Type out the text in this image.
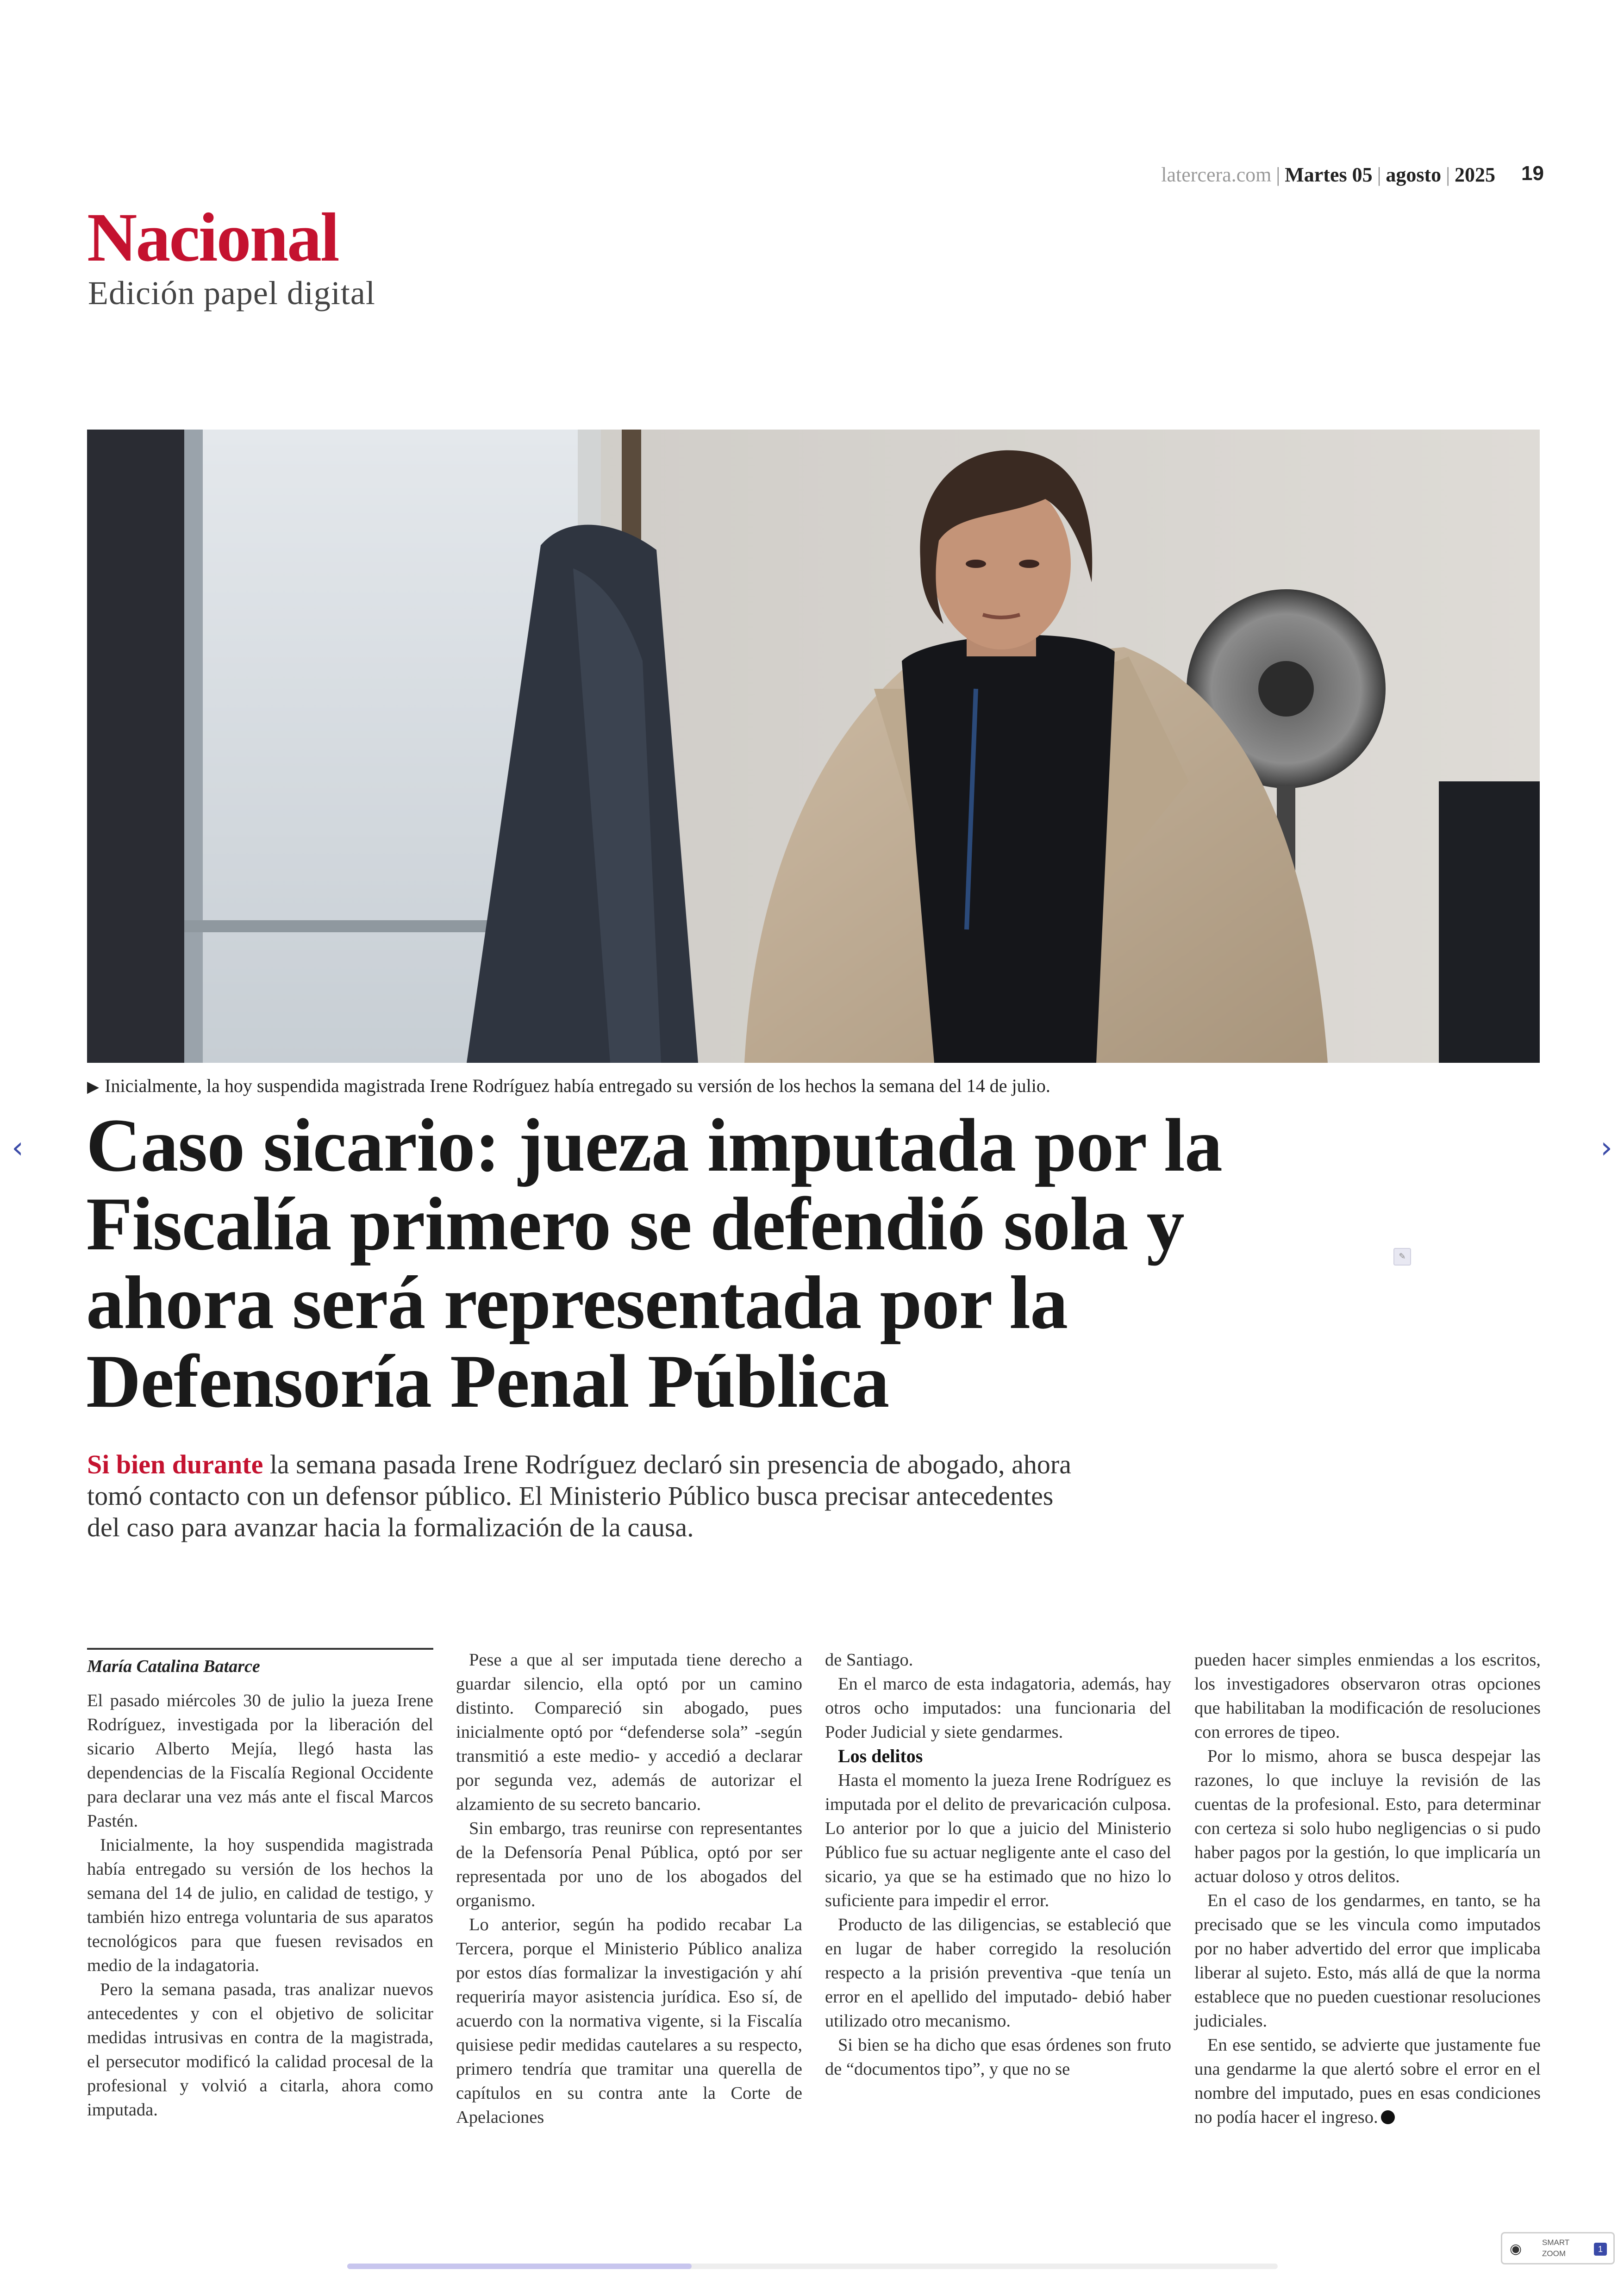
latercera.com | Martes 05 | agosto | 2025	19
Nacional
Edición papel digital
▶ Inicialmente, la hoy suspendida magistrada Irene Rodríguez había entregado su versión de los hechos la semana del 14 de julio.
Caso sicario: jueza imputada por la Fiscalía primero se defendió sola y ahora será representada por la Defensoría Penal Pública
Si bien durante la semana pasada Irene Rodríguez declaró sin presencia de abogado, ahora tomó contacto con un defensor público. El Ministerio Público busca precisar antecedentes del caso para avanzar hacia la formalización de la causa.

María Catalina Batarce

El pasado miércoles 30 de julio la jueza Irene Rodríguez, investigada por la liberación del sicario Alberto Mejía, llegó hasta las dependencias de la Fiscalía Regional Occidente para declarar una vez más ante el fiscal Marcos Pastén.

Inicialmente, la hoy suspendida magistrada había entregado su versión de los hechos la semana del 14 de julio, en calidad de testigo, y también hizo entrega voluntaria de sus aparatos tecnológicos para que fuesen revisados en medio de la indagatoria.

Pero la semana pasada, tras analizar nuevos antecedentes y con el objetivo de solicitar medidas intrusivas en contra de la magistrada, el persecutor modificó la calidad procesal de la profesional y volvió a citarla, ahora como imputada.

Pese a que al ser imputada tiene derecho a guardar silencio, ella optó por un camino distinto. Compareció sin abogado, pues inicialmente optó por “defenderse sola” -según transmitió a este medio- y accedió a declarar por segunda vez, además de autorizar el alzamiento de su secreto bancario.

Sin embargo, tras reunirse con representantes de la Defensoría Penal Pública, optó por ser representada por uno de los abogados del organismo.

Lo anterior, según ha podido recabar La Tercera, porque el Ministerio Público analiza por estos días formalizar la investigación y ahí requeriría mayor asistencia jurídica. Eso sí, de acuerdo con la normativa vigente, si la Fiscalía quisiese pedir medidas cautelares a su respecto, primero tendría que tramitar una querella de capítulos en su contra ante la Corte de Apelaciones

de Santiago.

En el marco de esta indagatoria, además, hay otros ocho imputados: una funcionaria del Poder Judicial y siete gendarmes.

Los delitos

Hasta el momento la jueza Irene Rodríguez es imputada por el delito de prevaricación culposa. Lo anterior por lo que a juicio del Ministerio Público fue su actuar negligente ante el caso del sicario, ya que se ha estimado que no hizo lo suficiente para impedir el error.

Producto de las diligencias, se estableció que en lugar de haber corregido la resolución respecto a la prisión preventiva -que tenía un error en el apellido del imputado- debió haber utilizado otro mecanismo.

Si bien se ha dicho que esas órdenes son fruto de “documentos tipo”, y que no se

pueden hacer simples enmiendas a los escritos, los investigadores observaron otras opciones que habilitaban la modificación de resoluciones con errores de tipeo.

Por lo mismo, ahora se busca despejar las razones, lo que incluye la revisión de las cuentas de la profesional. Esto, para determinar con certeza si solo hubo negligencias o si pudo haber pagos por la gestión, lo que implicaría un actuar doloso y otros delitos.

En el caso de los gendarmes, en tanto, se ha precisado que se les vincula como imputados por no haber advertido del error que implicaba liberar al sujeto. Esto, más allá de que la norma establece que no pueden cuestionar resoluciones judiciales.

En ese sentido, se advierte que justamente fue una gendarme la que alertó sobre el error en el nombre del imputado, pues en esas condiciones no podía hacer el ingreso.

‹	›
✎
◉	SMART ZOOM	1
